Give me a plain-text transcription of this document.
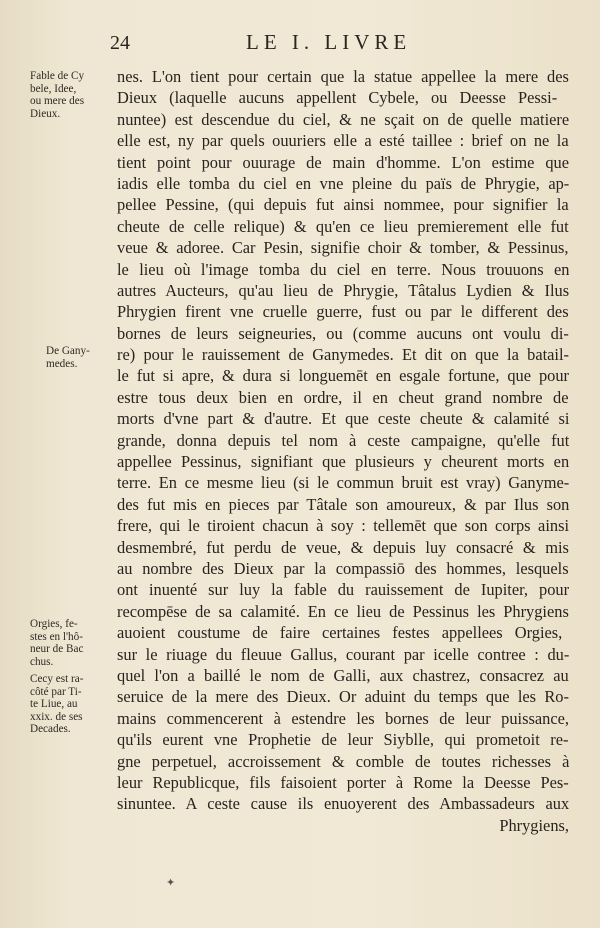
24	LE I. LIVRE
Fable de Cy
bele, Idee,
ou mere des
Dieux.
De Gany-
medes.
Orgies, fe-
stes en l'hô-
neur de Bac
chus.
Cecy est ra-
côté par Ti-
te Liue, au
xxix. de ses
Decades.
nes. L'on tient pour certain que la statue appellee la mere des
Dieux (laquelle aucuns appellent Cybele, ou Deesse Pessi-
nuntee) est descendue du ciel, & ne sçait on de quelle matiere
elle est, ny par quels ouuriers elle a esté taillee : brief on ne la
tient point pour ouurage de main d'homme. L'on estime que
iadis elle tomba du ciel en vne pleine du païs de Phrygie, ap-
pellee Pessine, (qui depuis fut ainsi nommee, pour signifier la
cheute de celle relique) & qu'en ce lieu premierement elle fut
veue & adoree. Car Pesin, signifie choir & tomber, & Pessinus,
le lieu où l'image tomba du ciel en terre. Nous trouuons en
autres Aucteurs, qu'au lieu de Phrygie, Tâtalus Lydien & Ilus
Phrygien firent vne cruelle guerre, fust ou par le different des
bornes de leurs seigneuries, ou (comme aucuns ont voulu di-
re) pour le rauissement de Ganymedes. Et dit on que la batail-
le fut si apre, & dura si longuemēt en esgale fortune, que pour
estre tous deux bien en ordre, il en cheut grand nombre de
morts d'vne part & d'autre. Et que ceste cheute & calamité si
grande, donna depuis tel nom à ceste campaigne, qu'elle fut
appellee Pessinus, signifiant que plusieurs y cheurent morts en
terre. En ce mesme lieu (si le commun bruit est vray) Ganyme-
des fut mis en pieces par Tâtale son amoureux, & par Ilus son
frere, qui le tiroient chacun à soy : tellemēt que son corps ainsi
desmembré, fut perdu de veue, & depuis luy consacré & mis
au nombre des Dieux par la compassiō des hommes, lesquels
ont inuenté sur luy la fable du rauissement de Iupiter, pour
recompēse de sa calamité. En ce lieu de Pessinus les Phrygiens
auoient coustume de faire certaines festes appellees Orgies,
sur le riuage du fleuue Gallus, courant par icelle contree : du-
quel l'on a baillé le nom de Galli, aux chastrez, consacrez au
seruice de la mere des Dieux. Or aduint du temps que les Ro-
mains commencerent à estendre les bornes de leur puissance,
qu'ils eurent vne Prophetie de leur Siyblle, qui prometoit re-
gne perpetuel, accroissement & comble de toutes richesses à
leur Republicque, fils faisoient porter à Rome la Deesse Pes-
sinuntee. A ceste cause ils enuoyerent des Ambassadeurs aux
Phrygiens,
✦
